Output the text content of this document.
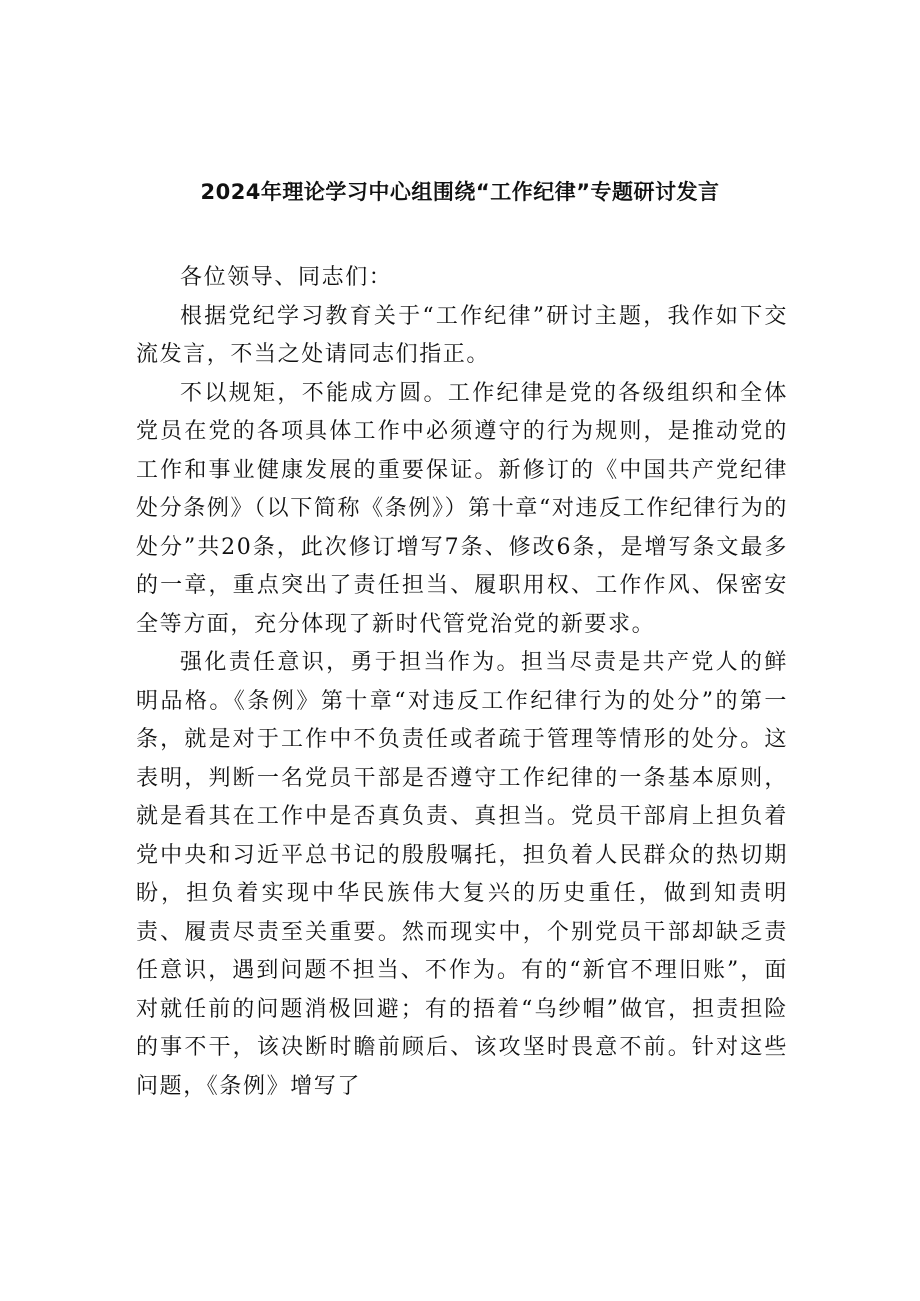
2024年理论学习中心组围绕“工作纪律”专题研讨发言

各位领导、同志们：

根据党纪学习教育关于“工作纪律”研讨主题，我作如下交流发言，不当之处请同志们指正。

不以规矩，不能成方圆。工作纪律是党的各级组织和全体党员在党的各项具体工作中必须遵守的行为规则，是推动党的工作和事业健康发展的重要保证。新修订的《中国共产党纪律处分条例》（以下简称《条例》）第十章“对违反工作纪律行为的处分”共20条，此次修订增写7条、修改6条，是增写条文最多的一章，重点突出了责任担当、履职用权、工作作风、保密安全等方面，充分体现了新时代管党治党的新要求。

强化责任意识，勇于担当作为。担当尽责是共产党人的鲜明品格。《条例》第十章“对违反工作纪律行为的处分”的第一条，就是对于工作中不负责任或者疏于管理等情形的处分。这表明，判断一名党员干部是否遵守工作纪律的一条基本原则，就是看其在工作中是否真负责、真担当。党员干部肩上担负着党中央和习近平总书记的殷殷嘱托，担负着人民群众的热切期盼，担负着实现中华民族伟大复兴的历史重任，做到知责明责、履责尽责至关重要。然而现实中，个别党员干部却缺乏责任意识，遇到问题不担当、不作为。有的“新官不理旧账”，面对就任前的问题消极回避；有的捂着“乌纱帽”做官，担责担险的事不干，该决断时瞻前顾后、该攻坚时畏意不前。针对这些问题，《条例》增写了
